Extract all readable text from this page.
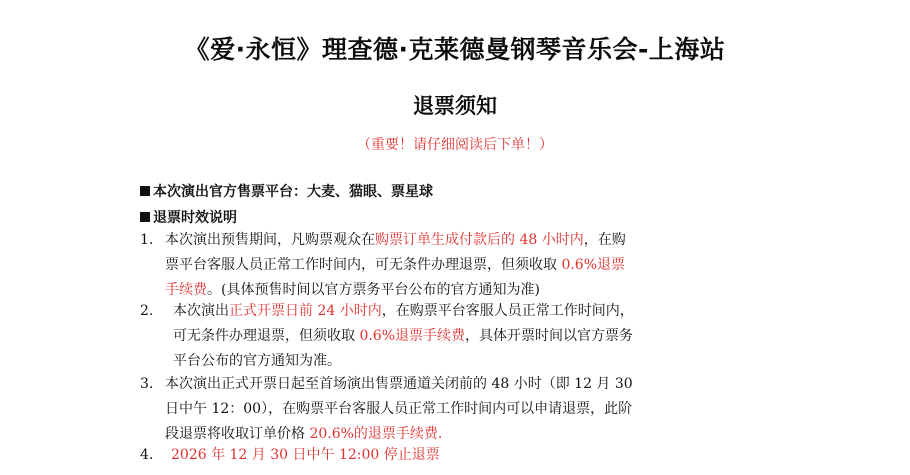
《爱·永恒》理查德·克莱德曼钢琴音乐会-上海站
退票须知
（重要！请仔细阅读后下单！）
本次演出官方售票平台：大麦、猫眼、票星球
退票时效说明
1. 本次演出预售期间，凡购票观众在购票订单生成付款后的 48 小时内，在购
票平台客服人员正常工作时间内，可无条件办理退票，但须收取 0.6%退票
手续费。(具体预售时间以官方票务平台公布的官方通知为准)
2.	本次演出正式开票日前 24 小时内，在购票平台客服人员正常工作时间内，
可无条件办理退票，但须收取 0.6%退票手续费，具体开票时间以官方票务
平台公布的官方通知为准。
3. 本次演出正式开票日起至首场演出售票通道关闭前的 48 小时（即 12 月 30
日中午 12：00），在购票平台客服人员正常工作时间内可以申请退票，此阶
段退票将收取订单价格 20.6%的退票手续费.
4.	2026 年 12 月 30 日中午 12:00 停止退票
